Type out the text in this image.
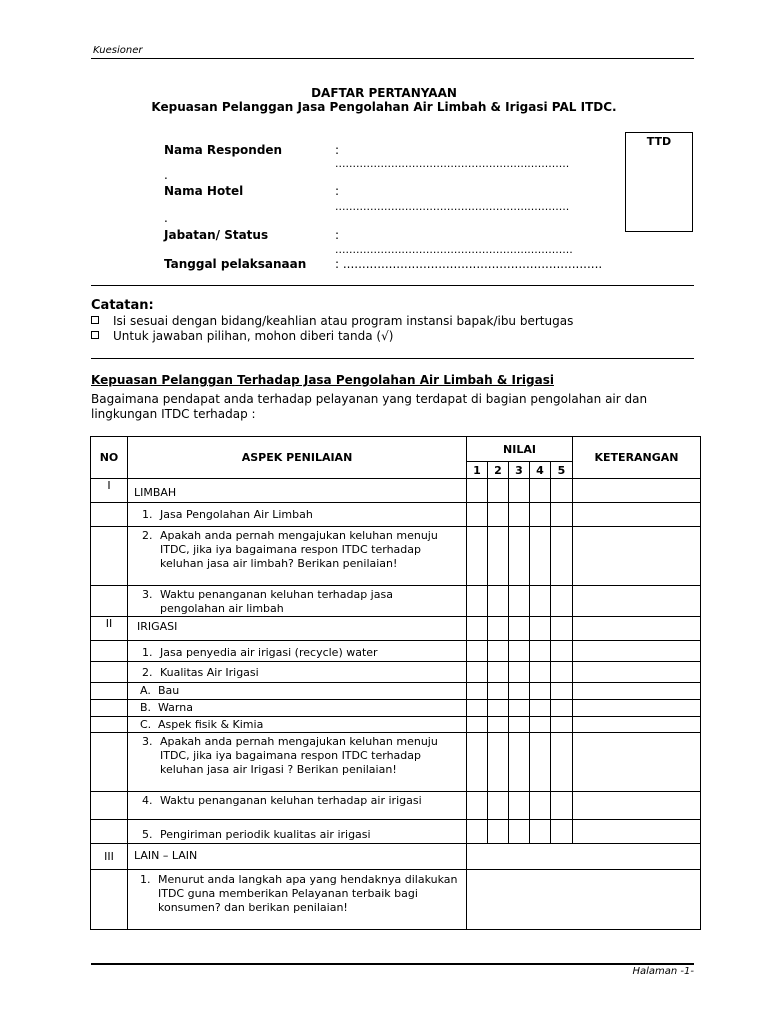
Kuesioner
DAFTAR PERTANYAAN
Kepuasan Pelanggan Jasa Pengolahan Air Limbah & Irigasi PAL ITDC.
TTD
Nama Responden	:
...................................................................
.
Nama Hotel	:
...................................................................
.
Jabatan/ Status	:
....................................................................
Tanggal pelaksanaan : ....................................................................
Catatan:
Isi sesuai dengan bidang/keahlian atau program instansi bapak/ibu bertugas
Untuk jawaban pilihan, mohon diberi tanda (√)
Kepuasan Pelanggan Terhadap Jasa Pengolahan Air Limbah & Irigasi
Bagaimana pendapat anda terhadap pelayanan yang terdapat di bagian pengolahan air dan lingkungan ITDC terhadap :
NO	ASPEK PENILAIAN	NILAI					KETERANGAN
		1	2	3	4	5	
I	LIMBAH						

	1. Jasa Pengolahan Air Limbah						

	2. Apakah anda pernah mengajukan keluhan menuju ITDC, jika iya bagaimana respon ITDC terhadap keluhan jasa air limbah? Berikan penilaian!						

	3. Waktu penanganan keluhan terhadap jasa pengolahan air limbah						

II	IRIGASI						

	1. Jasa penyedia air irigasi (recycle) water						

	2. Kualitas Air Irigasi						

	A. Bau						

	B. Warna						

	C. Aspek fisik & Kimia						

	3. Apakah anda pernah mengajukan keluhan menuju ITDC, jika iya bagaimana respon ITDC terhadap keluhan jasa air Irigasi ? Berikan penilaian!						

	4. Waktu penanganan keluhan terhadap air irigasi						

	5. Pengiriman periodik kualitas air irigasi						

III	LAIN – LAIN						

	1. Menurut anda langkah apa yang hendaknya dilakukan ITDC guna memberikan Pelayanan terbaik bagi konsumen? dan berikan penilaian!						

Halaman -1-
